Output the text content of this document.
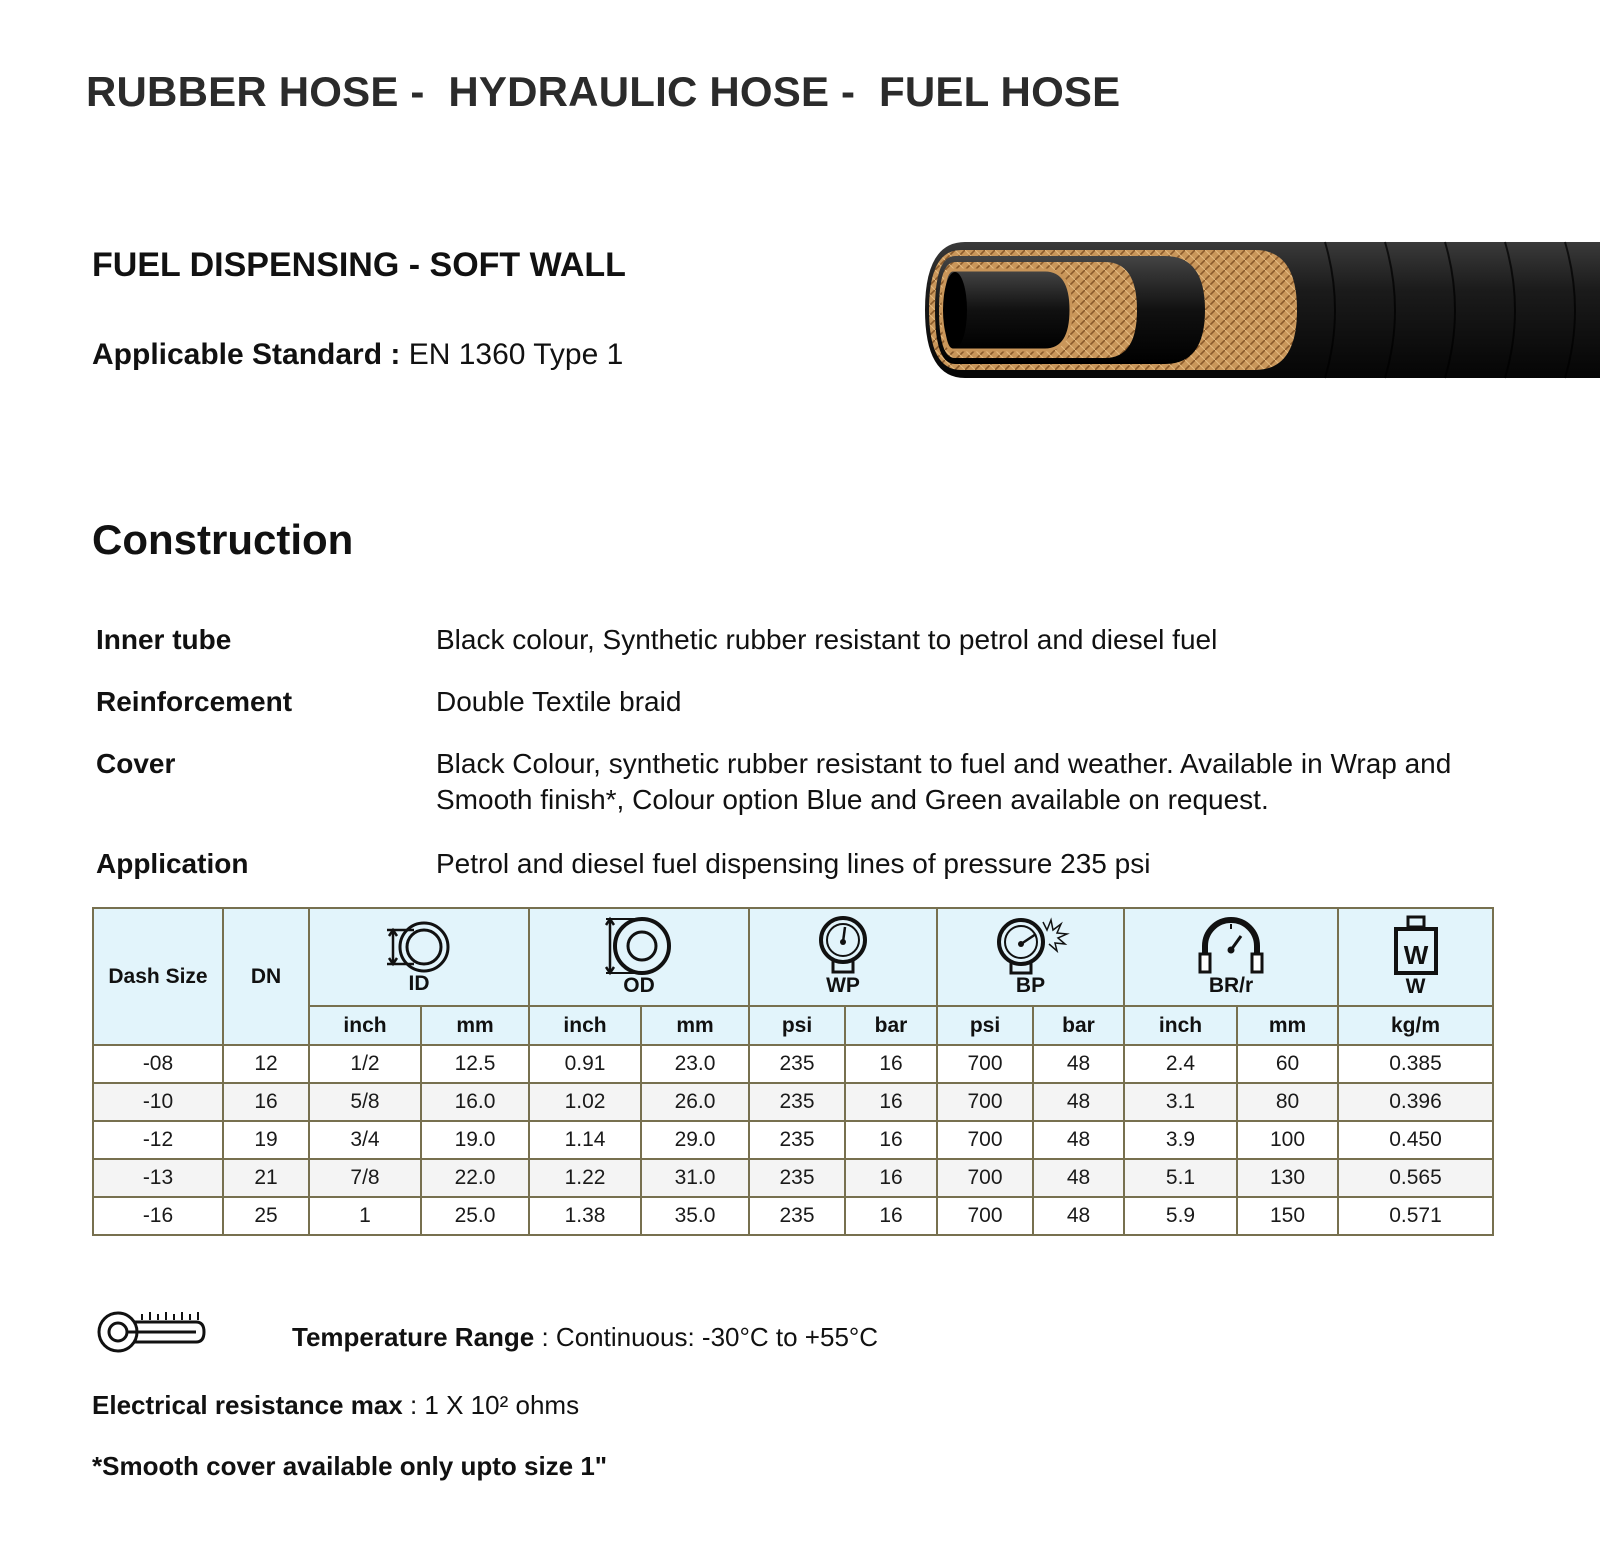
RUBBER HOSE -  HYDRAULIC HOSE -  FUEL HOSE
FUEL DISPENSING - SOFT WALL
Applicable Standard : EN 1360 Type 1
Construction
Inner tube	Black colour, Synthetic rubber resistant to petrol and diesel fuel
Reinforcement	Double Textile braid
Cover	Black Colour, synthetic rubber resistant to fuel and weather. Available in Wrap and Smooth finish*, Colour option Blue and Green available on request.
Application	Petrol and diesel fuel dispensing lines of pressure 235 psi
Dash Size	DN	ID		OD		WP		BP		BR/r		W
W

		inch	mm	inch	mm	psi	bar	psi	bar	inch	mm	kg/m
-08	12	1/2	12.5	0.91	23.0	235	16	700	48	2.4	60	0.385
-10	16	5/8	16.0	1.02	26.0	235	16	700	48	3.1	80	0.396
-12	19	3/4	19.0	1.14	29.0	235	16	700	48	3.9	100	0.450
-13	21	7/8	22.0	1.22	31.0	235	16	700	48	5.1	130	0.565
-16	25	1	25.0	1.38	35.0	235	16	700	48	5.9	150	0.571
Temperature Range : Continuous: -30°C to +55°C
Electrical resistance max : 1 X 10² ohms
*Smooth cover available only upto size 1"
